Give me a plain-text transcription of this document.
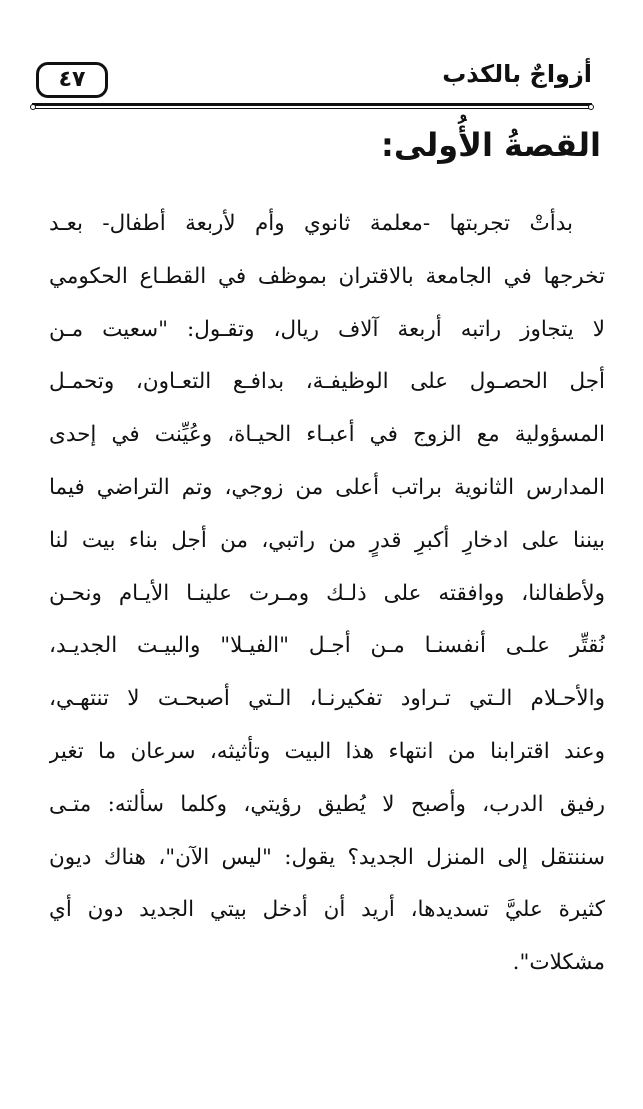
٤٧	أزواجٌ بالكذب
القصةُ الأُولى:
بدأتْ تجربتها -معلمة ثانوي وأم لأربعة أطفال- بعـد
تخرجها في الجامعة بالاقتران بموظف في القطـاع الحكومي
لا يتجاوز راتبه أربعة آلاف ريال، وتقـول: "سعيت مـن
أجل الحصـول على الوظيفـة، بدافـع التعـاون، وتحمـل
المسؤولية مع الزوج في أعبـاء الحيـاة، وعُيِّنت في إحدى
المدارس الثانوية براتب أعلى من زوجي، وتم التراضي فيما
بيننا على ادخارِ أكبرِ قدرٍ من راتبي، من أجل بناء بيت لنا
ولأطفالنا، ووافقته على ذلـك ومـرت علينـا الأيـام ونحـن
نُقتِّر علـى أنفسنـا مـن أجـل "الفيـلا" والبيـت الجديـد،
والأحـلام الـتي تـراود تفكيرنـا، الـتي أصبحـت لا تنتهـي،
وعند اقترابنا من انتهاء هذا البيت وتأثيثه، سرعان ما تغير
رفيق الدرب، وأصبح لا يُطيق رؤيتي، وكلما سألته: متـى
سننتقل إلى المنزل الجديد؟ يقول: "ليس الآن"، هناك ديون
كثيرة عليَّ تسديدها، أريد أن أدخل بيتي الجديد دون أي
مشكلات".
